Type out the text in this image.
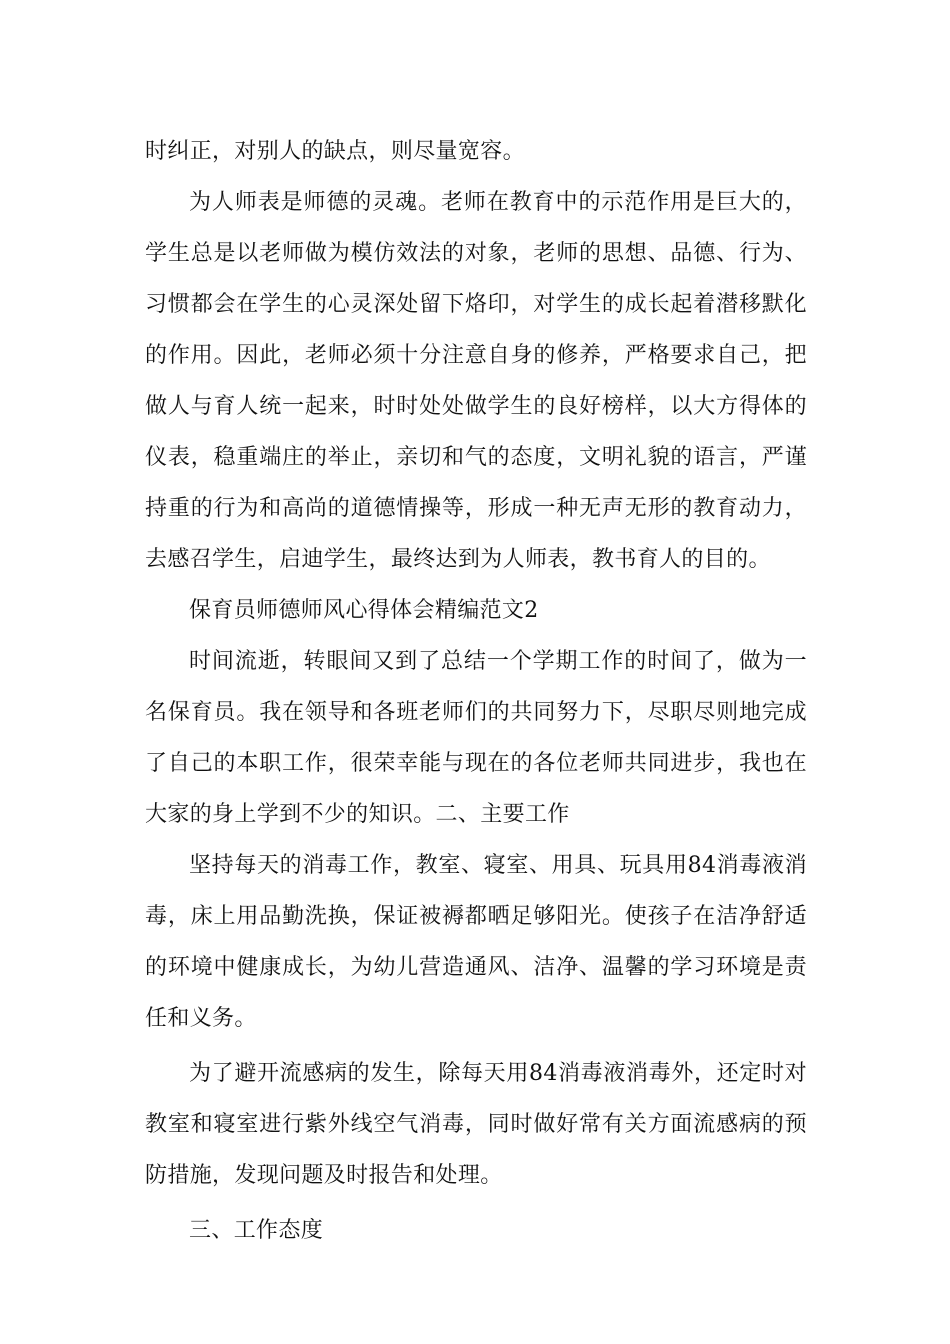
时纠正，对别人的缺点，则尽量宽容。

为人师表是师德的灵魂。老师在教育中的示范作用是巨大的，学生总是以老师做为模仿效法的对象，老师的思想、品德、行为、习惯都会在学生的心灵深处留下烙印，对学生的成长起着潜移默化的作用。因此，老师必须十分注意自身的修养，严格要求自己，把做人与育人统一起来，时时处处做学生的良好榜样，以大方得体的仪表，稳重端庄的举止，亲切和气的态度，文明礼貌的语言，严谨持重的行为和高尚的道德情操等，形成一种无声无形的教育动力，去感召学生，启迪学生，最终达到为人师表，教书育人的目的。

保育员师德师风心得体会精编范文2

时间流逝，转眼间又到了总结一个学期工作的时间了，做为一名保育员。我在领导和各班老师们的共同努力下，尽职尽则地完成了自己的本职工作，很荣幸能与现在的各位老师共同进步，我也在大家的身上学到不少的知识。二、主要工作

坚持每天的消毒工作，教室、寝室、用具、玩具用84消毒液消毒，床上用品勤洗换，保证被褥都晒足够阳光。使孩子在洁净舒适的环境中健康成长，为幼儿营造通风、洁净、温馨的学习环境是责任和义务。

为了避开流感病的发生，除每天用84消毒液消毒外，还定时对教室和寝室进行紫外线空气消毒，同时做好常有关方面流感病的预防措施，发现问题及时报告和处理。

三、工作态度
